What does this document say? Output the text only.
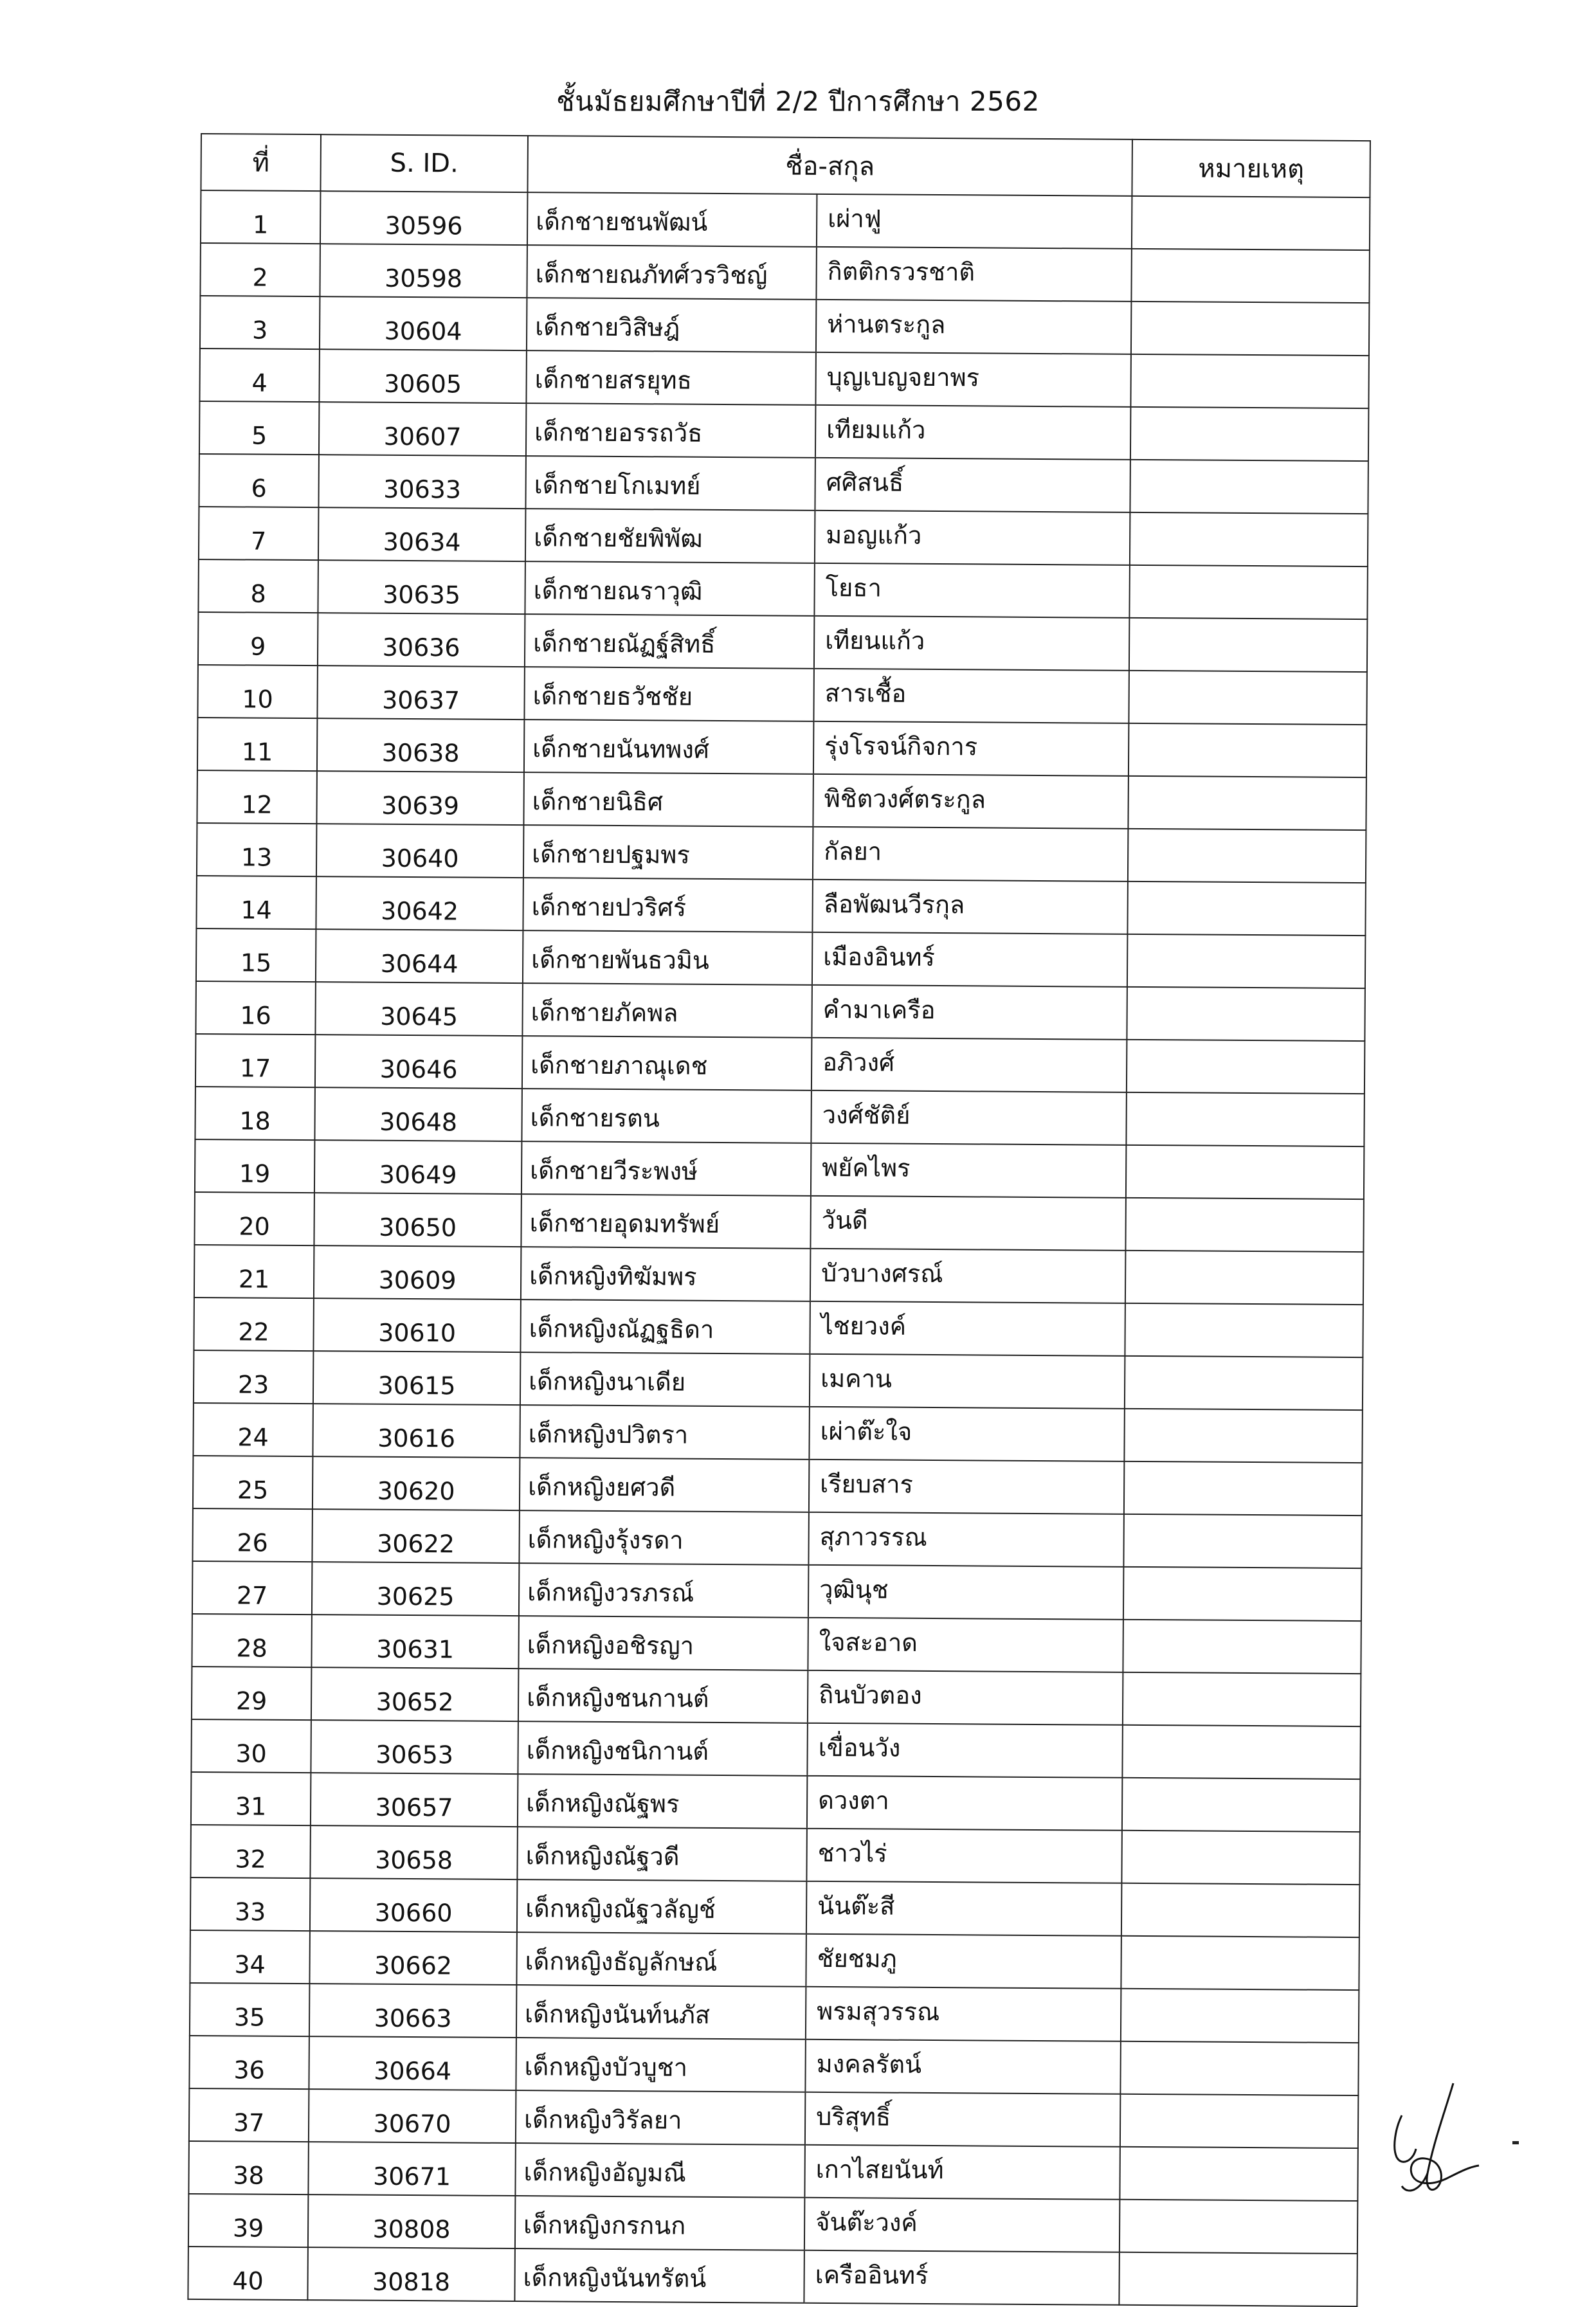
ชั้นมัธยมศึกษาปีที่ 2/2 ปีการศึกษา 2562
ที่	S. ID.	ชื่อ-สกุล		หมายเหตุ
1	30596	เด็กชายชนพัฒน์	เผ่าฟู	
2	30598	เด็กชายณภัทศ์วรวิชญ์	กิตติกรวรชาติ	
3	30604	เด็กชายวิสิษฎ์	ห่านตระกูล	
4	30605	เด็กชายสรยุทธ	บุญเบญจยาพร	
5	30607	เด็กชายอรรถวัธ	เทียมแก้ว	
6	30633	เด็กชายโกเมทย์	ศศิสนธิ์	
7	30634	เด็กชายชัยพิพัฒ	มอญแก้ว	
8	30635	เด็กชายณราวุฒิ	โยธา	
9	30636	เด็กชายณัฏฐ์สิทธิ์	เทียนแก้ว	
10	30637	เด็กชายธวัชชัย	สารเชื้อ	
11	30638	เด็กชายนันทพงศ์	รุ่งโรจน์กิจการ	
12	30639	เด็กชายนิธิศ	พิชิตวงศ์ตระกูล	
13	30640	เด็กชายปฐมพร	กัลยา	
14	30642	เด็กชายปวริศร์	ลือพัฒนวีรกุล	
15	30644	เด็กชายพันธวมิน	เมืองอินทร์	
16	30645	เด็กชายภัคพล	คำมาเครือ	
17	30646	เด็กชายภาณุเดช	อภิวงศ์	
18	30648	เด็กชายรตน	วงศ์ชัติย์	
19	30649	เด็กชายวีระพงษ์	พยัคไพร	
20	30650	เด็กชายอุดมทรัพย์	วันดี	
21	30609	เด็กหญิงทิฆัมพร	บัวบางศรณ์	
22	30610	เด็กหญิงณัฏฐธิดา	ไชยวงค์	
23	30615	เด็กหญิงนาเดีย	เมคาน	
24	30616	เด็กหญิงปวิตรา	เผ่าต๊ะใจ	
25	30620	เด็กหญิงยศวดี	เรียบสาร	
26	30622	เด็กหญิงรุ้งรดา	สุภาวรรณ	
27	30625	เด็กหญิงวรภรณ์	วุฒินุช	
28	30631	เด็กหญิงอชิรญา	ใจสะอาด	
29	30652	เด็กหญิงชนกานต์	ถินบัวตอง	
30	30653	เด็กหญิงชนิกานต์	เขื่อนวัง	
31	30657	เด็กหญิงณัฐพร	ดวงตา	
32	30658	เด็กหญิงณัฐวดี	ชาวไร่	
33	30660	เด็กหญิงณัฐวลัญช์	นันต๊ะสี	
34	30662	เด็กหญิงธัญลักษณ์	ชัยชมภู	
35	30663	เด็กหญิงนันท์นภัส	พรมสุวรรณ	
36	30664	เด็กหญิงบัวบูชา	มงคลรัตน์	
37	30670	เด็กหญิงวิรัลยา	บริสุทธิ์	
38	30671	เด็กหญิงอัญมณี	เกาไสยนันท์	
39	30808	เด็กหญิงกรกนก	จันต๊ะวงค์	
40	30818	เด็กหญิงนันทรัตน์	เครืออินทร์	
